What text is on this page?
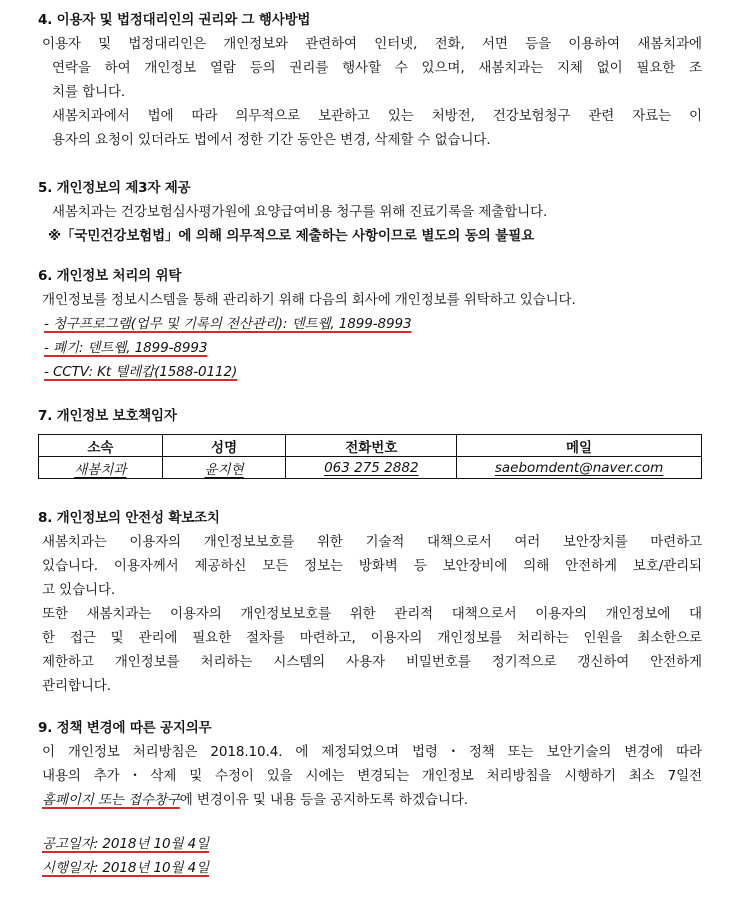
4. 이용자 및 법정대리인의 권리와 그 행사방법
이용자 및 법정대리인은 개인정보와 관련하여 인터넷, 전화, 서면 등을 이용하여 새봄치과에
연락을 하여 개인정보 열람 등의 권리를 행사할 수 있으며, 새봄치과는 지체 없이 필요한 조
치를 합니다.
새봄치과에서 법에 따라 의무적으로 보관하고 있는 처방전, 건강보험청구 관련 자료는 이
용자의 요청이 있더라도 법에서 정한 기간 동안은 변경, 삭제할 수 없습니다.
5. 개인정보의 제3자 제공
새봄치과는 건강보험심사평가원에 요양급여비용 청구를 위해 진료기록을 제출합니다.
※「국민건강보험법」에 의해 의무적으로 제출하는 사항이므로 별도의 동의 불필요
6. 개인정보 처리의 위탁
개인정보를 정보시스템을 통해 관리하기 위해 다음의 회사에 개인정보를 위탁하고 있습니다.
- 청구프로그램(업무 및 기록의 전산관리): 덴트웹, 1899-8993
- 폐기: 덴트웹, 1899-8993
- CCTV: Kt 텔레캅(1588-0112)
7. 개인정보 보호책임자
소속	성명	전화번호	메일
새봄치과	윤지현	063 275 2882	saebomdent@naver.com
8. 개인정보의 안전성 확보조치
새봄치과는 이용자의 개인정보보호를 위한 기술적 대책으로서 여러 보안장치를 마련하고
있습니다. 이용자께서 제공하신 모든 정보는 방화벽 등 보안장비에 의해 안전하게 보호/관리되
고 있습니다.
또한 새봄치과는 이용자의 개인정보보호를 위한 관리적 대책으로서 이용자의 개인정보에 대
한 접근 및 관리에 필요한 절차를 마련하고, 이용자의 개인정보를 처리하는 인원을 최소한으로
제한하고 개인정보를 처리하는 시스템의 사용자 비밀번호를 정기적으로 갱신하여 안전하게
관리합니다.
9. 정책 변경에 따른 공지의무
이 개인정보 처리방침은 2018.10.4. 에 제정되었으며 법령・정책 또는 보안기술의 변경에 따라
내용의 추가・삭제 및 수정이 있을 시에는 변경되는 개인정보 처리방침을 시행하기 최소 7일전
홈페이지 또는 접수창구에 변경이유 및 내용 등을 공지하도록 하겠습니다.
공고일자: 2018년 10월 4일
시행일자: 2018년 10월 4일
